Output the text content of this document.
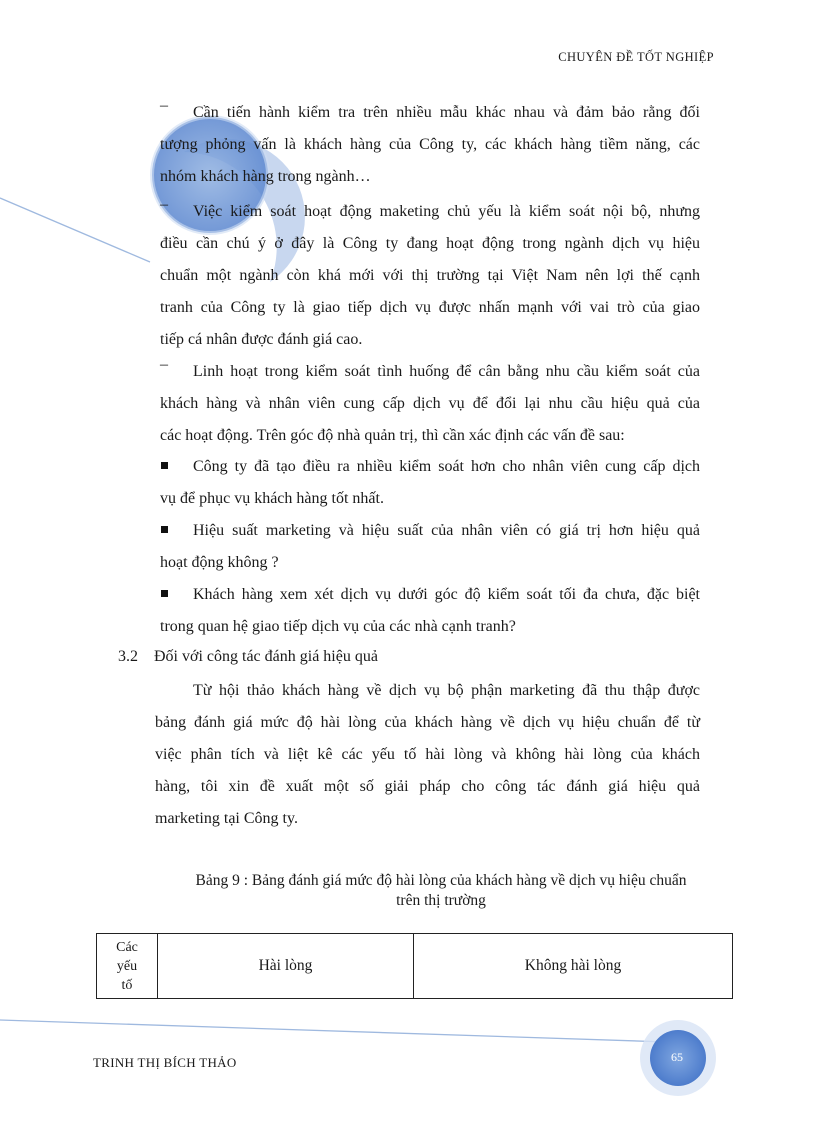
CHUYÊN ĐỀ TỐT NGHIỆP
– Cần tiến hành kiểm tra trên nhiều mẫu khác nhau và đảm bảo rằng đối
tượng phỏng vấn là khách hàng của Công ty, các khách hàng tiềm năng, các
nhóm khách hàng trong ngành…
– Việc kiểm soát hoạt động maketing chủ yếu là kiểm soát nội bộ, nhưng
điều cần chú ý ở đây là Công ty đang hoạt động trong ngành dịch vụ hiệu
chuẩn một ngành còn khá mới với thị trường tại Việt Nam nên lợi thế cạnh
tranh của Công ty là giao tiếp dịch vụ được nhấn mạnh với vai trò của giao
tiếp cá nhân được đánh giá cao.
– Linh hoạt trong kiểm soát tình huống để cân bằng nhu cầu kiểm soát của
khách hàng và nhân viên cung cấp dịch vụ để đổi lại nhu cầu hiệu quả của
các hoạt động. Trên góc độ nhà quản trị, thì cần xác định các vấn đề sau:
Công ty đã tạo điều ra nhiều kiểm soát hơn cho nhân viên cung cấp dịch
vụ để phục vụ khách hàng tốt nhất.
Hiệu suất marketing và hiệu suất của nhân viên có giá trị hơn hiệu quả
hoạt động không ?
Khách hàng xem xét dịch vụ dưới góc độ kiểm soát tối đa chưa, đặc biệt
trong quan hệ giao tiếp dịch vụ của các nhà cạnh tranh?
3.2 Đối với công tác đánh giá hiệu quả
Từ hội thảo khách hàng về dịch vụ bộ phận marketing đã thu thập được
bảng đánh giá mức độ hài lòng của khách hàng về dịch vụ hiệu chuẩn để từ
việc phân tích và liệt kê các yếu tố hài lòng và không hài lòng của khách
hàng, tôi xin đề xuất một số giải pháp cho công tác đánh giá hiệu quả
marketing tại Công ty.
Bảng 9 : Bảng đánh giá mức độ hài lòng của khách hàng về dịch vụ hiệu chuẩn
trên thị trường
Các
yếu
tố
	Hài lòng	Không hài lòng
TRINH THỊ BÍCH THẢO	65
